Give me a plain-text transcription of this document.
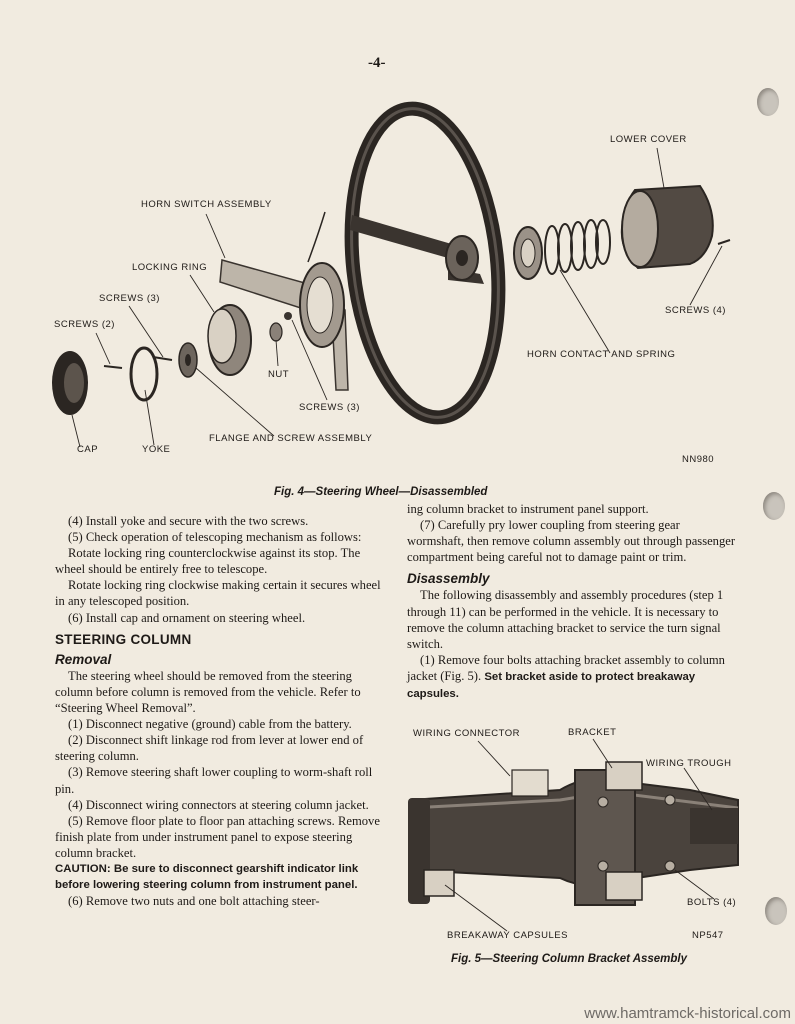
-4-
HORN SWITCH ASSEMBLY
LOCKING RING
SCREWS (3)
SCREWS (2)
NUT
SCREWS (3)
FLANGE AND SCREW ASSEMBLY
CAP	YOKE
LOWER COVER
SCREWS (4)
HORN CONTACT AND SPRING
NN980
Fig. 4—Steering Wheel—Disassembled

(4) Install yoke and secure with the two screws.

(5) Check operation of telescoping mechanism as follows:

Rotate locking ring counterclockwise against its stop. The wheel should be entirely free to telescope.

Rotate locking ring clockwise making certain it secures wheel in any telescoped position.

(6) Install cap and ornament on steering wheel.

STEERING COLUMN
Removal

The steering wheel should be removed from the steering column before column is removed from the vehicle. Refer to “Steering Wheel Removal”.

(1) Disconnect negative (ground) cable from the battery.

(2) Disconnect shift linkage rod from lever at lower end of steering column.

(3) Remove steering shaft lower coupling to worm-shaft roll pin.

(4) Disconnect wiring connectors at steering column jacket.

(5) Remove floor plate to floor pan attaching screws. Remove finish plate from under instrument panel to expose steering column bracket.

CAUTION: Be sure to disconnect gearshift indicator link before lowering steering column from instrument panel.

(6) Remove two nuts and one bolt attaching steer-

ing column bracket to instrument panel support.

(7) Carefully pry lower coupling from steering gear wormshaft, then remove column assembly out through passenger compartment being careful not to damage paint or trim.

Disassembly

The following disassembly and assembly procedures (step 1 through 11) can be performed in the vehicle. It is necessary to remove the column attaching bracket to service the turn signal switch.

(1) Remove four bolts attaching bracket assembly to column jacket (Fig. 5). Set bracket aside to protect breakaway capsules.

WIRING CONNECTOR	BRACKET
WIRING TROUGH
BOLTS (4)
BREAKAWAY CAPSULES	NP547
Fig. 5—Steering Column Bracket Assembly
www.hamtramck-historical.com
